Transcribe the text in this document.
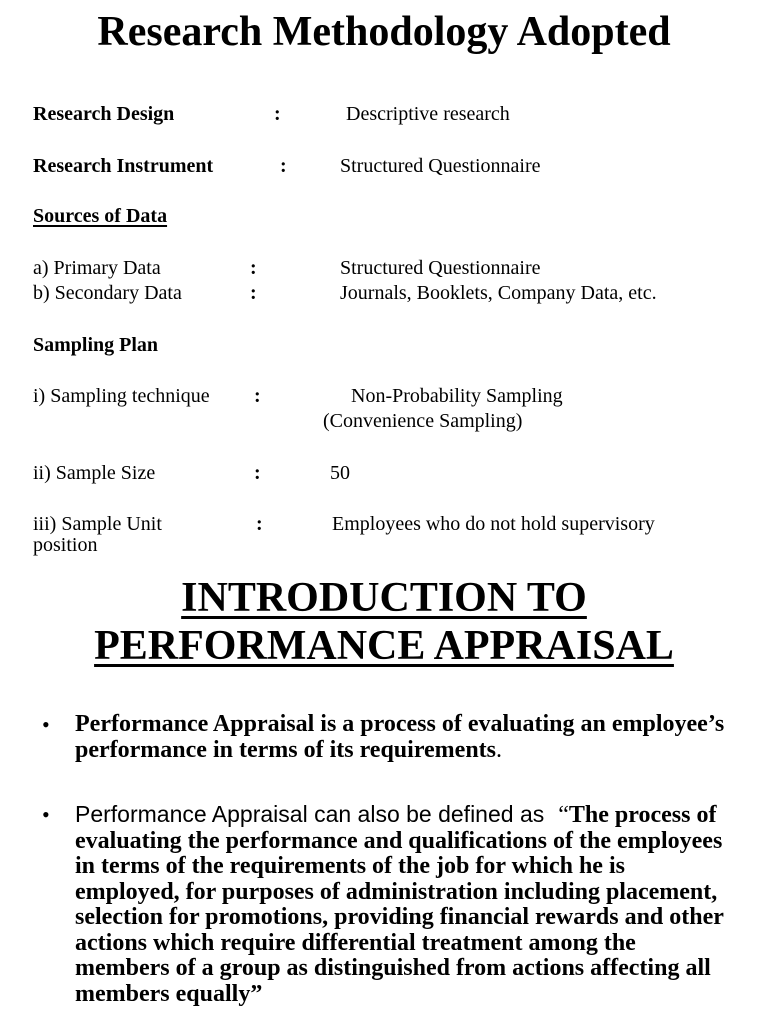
Research Methodology Adopted
Research Design	:	Descriptive research
Research Instrument	:	Structured Questionnaire
Sources of Data
a) Primary Data	:	Structured Questionnaire
b) Secondary Data	:	Journals, Booklets, Company Data, etc.
Sampling Plan
i) Sampling technique :	Non-Probability Sampling
(Convenience Sampling)
ii) Sample Size	:	50
iii) Sample Unit	:	Employees who do not hold supervisory
position
INTRODUCTION TO
PERFORMANCE APPRAISAL
• Performance Appraisal is a process of evaluating an employee’s performance in terms of its requirements.
• Performance Appraisal can also be defined as “The process of evaluating the performance and qualifications of the employees in terms of the requirements of the job for which he is employed, for purposes of administration including placement, selection for promotions, providing financial rewards and other actions which require differential treatment among the members of a group as distinguished from actions affecting all members equally”
